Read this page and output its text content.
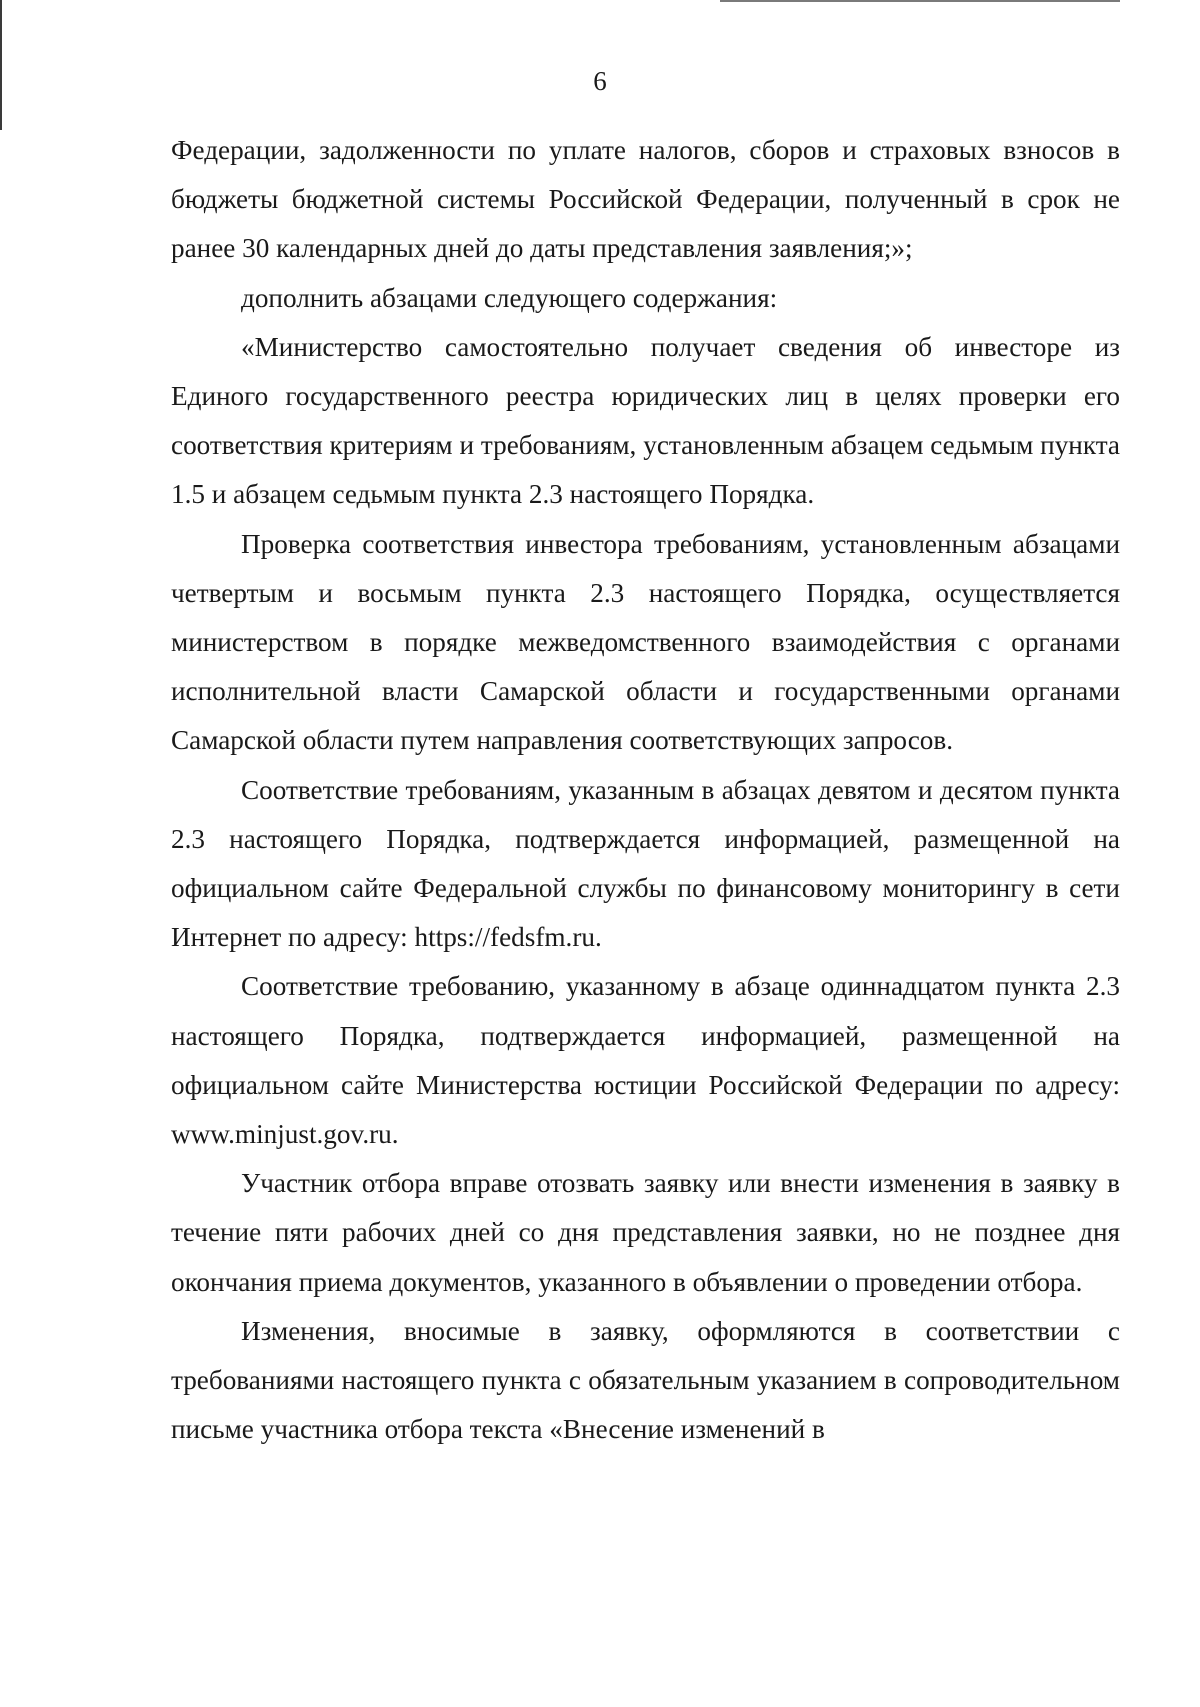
6

Федерации, задолженности по уплате налогов, сборов и страховых взносов в бюджеты бюджетной системы Российской Федерации, полученный в срок не ранее 30 календарных дней до даты представления заявления;»;

дополнить абзацами следующего содержания:

«Министерство самостоятельно получает сведения об инвесторе из Единого государственного реестра юридических лиц в целях проверки его соответствия критериям и требованиям, установленным абзацем седьмым пункта 1.5 и абзацем седьмым пункта 2.3 настоящего Порядка.

Проверка соответствия инвестора требованиям, установленным абзацами четвертым и восьмым пункта 2.3 настоящего Порядка, осуществляется министерством в порядке межведомственного взаимодействия с органами исполнительной власти Самарской области и государственными органами Самарской области путем направления соответствующих запросов.

Соответствие требованиям, указанным в абзацах девятом и десятом пункта 2.3 настоящего Порядка, подтверждается информацией, размещенной на официальном сайте Федеральной службы по финансовому мониторингу в сети Интернет по адресу: https://fedsfm.ru.

Соответствие требованию, указанному в абзаце одиннадцатом пункта 2.3 настоящего Порядка, подтверждается информацией, размещенной на официальном сайте Министерства юстиции Российской Федерации по адресу: www.minjust.gov.ru.

Участник отбора вправе отозвать заявку или внести изменения в заявку в течение пяти рабочих дней со дня представления заявки, но не позднее дня окончания приема документов, указанного в объявлении о проведении отбора.

Изменения, вносимые в заявку, оформляются в соответствии с требованиями настоящего пункта с обязательным указанием в сопроводительном письме участника отбора текста «Внесение изменений в
